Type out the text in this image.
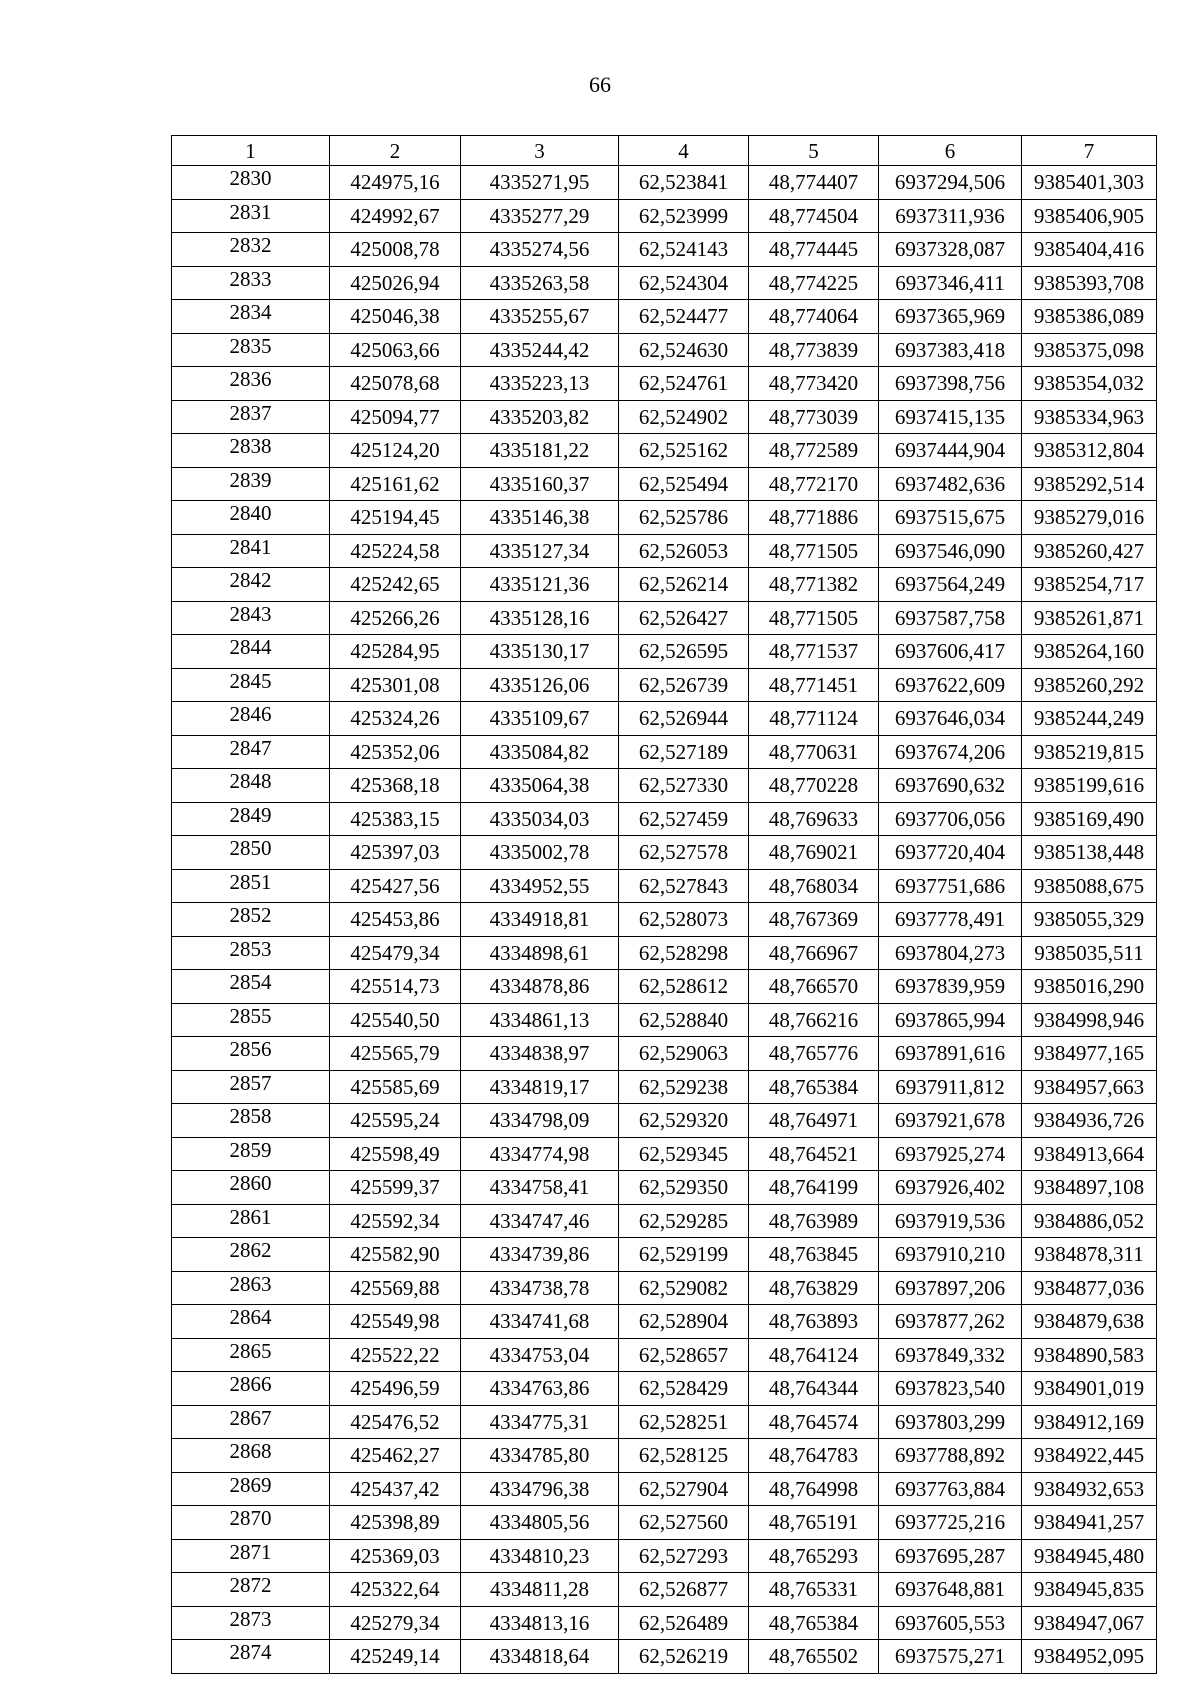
66
1	2	3	4	5	6	7
2830	424975,16	4335271,95	62,523841	48,774407	6937294,506	9385401,303
2831	424992,67	4335277,29	62,523999	48,774504	6937311,936	9385406,905
2832	425008,78	4335274,56	62,524143	48,774445	6937328,087	9385404,416
2833	425026,94	4335263,58	62,524304	48,774225	6937346,411	9385393,708
2834	425046,38	4335255,67	62,524477	48,774064	6937365,969	9385386,089
2835	425063,66	4335244,42	62,524630	48,773839	6937383,418	9385375,098
2836	425078,68	4335223,13	62,524761	48,773420	6937398,756	9385354,032
2837	425094,77	4335203,82	62,524902	48,773039	6937415,135	9385334,963
2838	425124,20	4335181,22	62,525162	48,772589	6937444,904	9385312,804
2839	425161,62	4335160,37	62,525494	48,772170	6937482,636	9385292,514
2840	425194,45	4335146,38	62,525786	48,771886	6937515,675	9385279,016
2841	425224,58	4335127,34	62,526053	48,771505	6937546,090	9385260,427
2842	425242,65	4335121,36	62,526214	48,771382	6937564,249	9385254,717
2843	425266,26	4335128,16	62,526427	48,771505	6937587,758	9385261,871
2844	425284,95	4335130,17	62,526595	48,771537	6937606,417	9385264,160
2845	425301,08	4335126,06	62,526739	48,771451	6937622,609	9385260,292
2846	425324,26	4335109,67	62,526944	48,771124	6937646,034	9385244,249
2847	425352,06	4335084,82	62,527189	48,770631	6937674,206	9385219,815
2848	425368,18	4335064,38	62,527330	48,770228	6937690,632	9385199,616
2849	425383,15	4335034,03	62,527459	48,769633	6937706,056	9385169,490
2850	425397,03	4335002,78	62,527578	48,769021	6937720,404	9385138,448
2851	425427,56	4334952,55	62,527843	48,768034	6937751,686	9385088,675
2852	425453,86	4334918,81	62,528073	48,767369	6937778,491	9385055,329
2853	425479,34	4334898,61	62,528298	48,766967	6937804,273	9385035,511
2854	425514,73	4334878,86	62,528612	48,766570	6937839,959	9385016,290
2855	425540,50	4334861,13	62,528840	48,766216	6937865,994	9384998,946
2856	425565,79	4334838,97	62,529063	48,765776	6937891,616	9384977,165
2857	425585,69	4334819,17	62,529238	48,765384	6937911,812	9384957,663
2858	425595,24	4334798,09	62,529320	48,764971	6937921,678	9384936,726
2859	425598,49	4334774,98	62,529345	48,764521	6937925,274	9384913,664
2860	425599,37	4334758,41	62,529350	48,764199	6937926,402	9384897,108
2861	425592,34	4334747,46	62,529285	48,763989	6937919,536	9384886,052
2862	425582,90	4334739,86	62,529199	48,763845	6937910,210	9384878,311
2863	425569,88	4334738,78	62,529082	48,763829	6937897,206	9384877,036
2864	425549,98	4334741,68	62,528904	48,763893	6937877,262	9384879,638
2865	425522,22	4334753,04	62,528657	48,764124	6937849,332	9384890,583
2866	425496,59	4334763,86	62,528429	48,764344	6937823,540	9384901,019
2867	425476,52	4334775,31	62,528251	48,764574	6937803,299	9384912,169
2868	425462,27	4334785,80	62,528125	48,764783	6937788,892	9384922,445
2869	425437,42	4334796,38	62,527904	48,764998	6937763,884	9384932,653
2870	425398,89	4334805,56	62,527560	48,765191	6937725,216	9384941,257
2871	425369,03	4334810,23	62,527293	48,765293	6937695,287	9384945,480
2872	425322,64	4334811,28	62,526877	48,765331	6937648,881	9384945,835
2873	425279,34	4334813,16	62,526489	48,765384	6937605,553	9384947,067
2874	425249,14	4334818,64	62,526219	48,765502	6937575,271	9384952,095
